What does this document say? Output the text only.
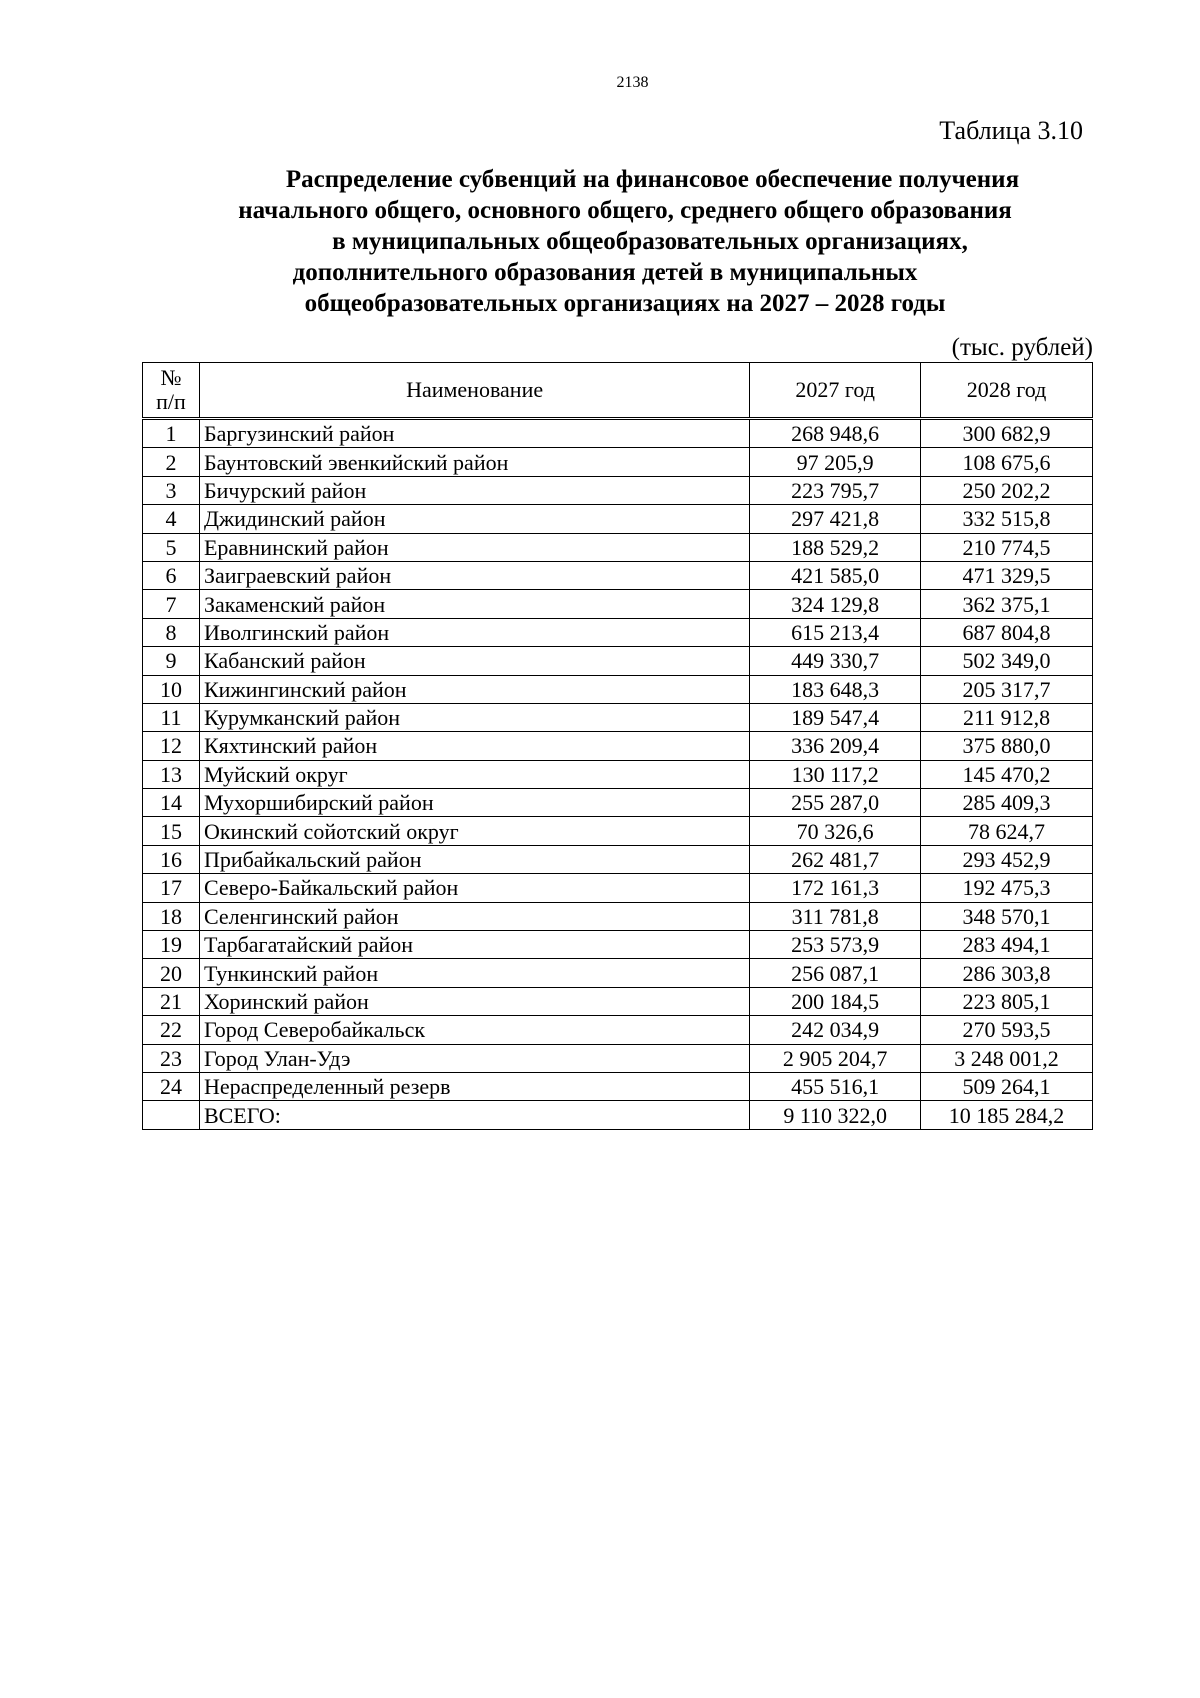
2138
Таблица 3.10
Распределение субвенций на финансовое обеспечение получения
начального общего, основного общего, среднего общего образования
в муниципальных общеобразовательных организациях,
дополнительного образования детей в муниципальных
общеобразовательных организациях на 2027 – 2028 годы
(тыс. рублей)
№
п/п	Наименование	2027 год	2028 год
1	Баргузинский район	268 948,6	300 682,9
2	Баунтовский эвенкийский район	97 205,9	108 675,6
3	Бичурский район	223 795,7	250 202,2
4	Джидинский район	297 421,8	332 515,8
5	Еравнинский район	188 529,2	210 774,5
6	Заиграевский район	421 585,0	471 329,5
7	Закаменский район	324 129,8	362 375,1
8	Иволгинский район	615 213,4	687 804,8
9	Кабанский район	449 330,7	502 349,0
10	Кижингинский район	183 648,3	205 317,7
11	Курумканский район	189 547,4	211 912,8
12	Кяхтинский район	336 209,4	375 880,0
13	Муйский округ	130 117,2	145 470,2
14	Мухоршибирский район	255 287,0	285 409,3
15	Окинский сойотский округ	70 326,6	78 624,7
16	Прибайкальский район	262 481,7	293 452,9
17	Северо-Байкальский район	172 161,3	192 475,3
18	Селенгинский район	311 781,8	348 570,1
19	Тарбагатайский район	253 573,9	283 494,1
20	Тункинский район	256 087,1	286 303,8
21	Хоринский район	200 184,5	223 805,1
22	Город Северобайкальск	242 034,9	270 593,5
23	Город Улан-Удэ	2 905 204,7	3 248 001,2
24	Нераспределенный резерв	455 516,1	509 264,1
	ВСЕГО:	9 110 322,0	10 185 284,2
